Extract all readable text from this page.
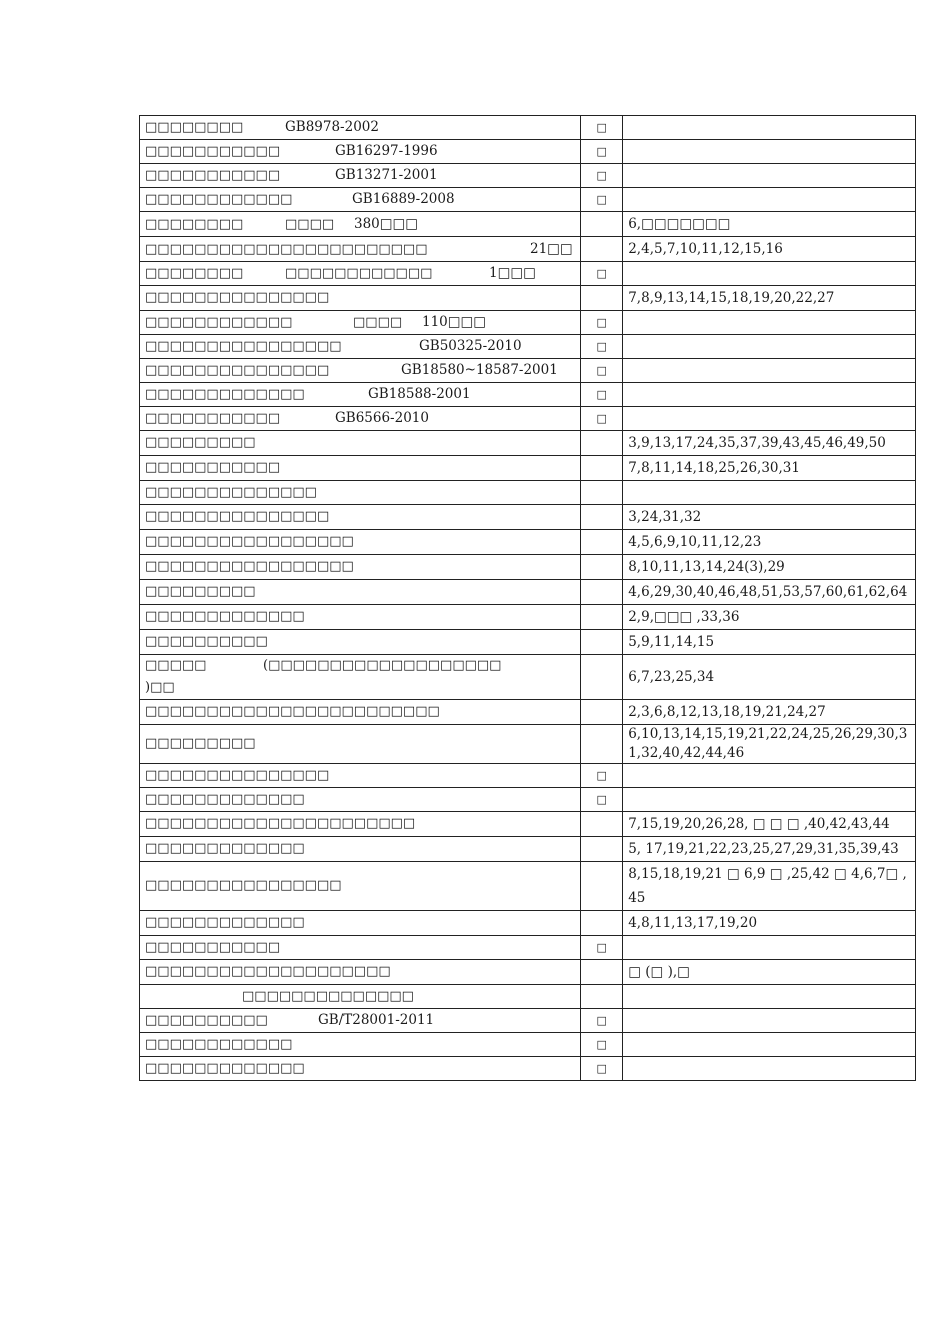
□□□□□□□□ GB8978-2002	□	

□□□□□□□□□□□ GB16297-1996	□	

□□□□□□□□□□□ GB13271-2001	□	

□□□□□□□□□□□□ GB16889-2008	□	

□□□□□□□□ □□□□ 380□□□		6,□□□□□□□

□□□□□□□□□□□□□□□□□□□□□□□ 21□□		2,4,5,7,10,11,12,15,16

□□□□□□□□ □□□□□□□□□□□□ 1□□□	□	

□□□□□□□□□□□□□□□		7,8,9,13,14,15,18,19,20,22,27

□□□□□□□□□□□□ □□□□ 110□□□	□	

□□□□□□□□□□□□□□□□ GB50325-2010	□	

□□□□□□□□□□□□□□□ GB18580~18587-2001	□	

□□□□□□□□□□□□□ GB18588-2001	□	

□□□□□□□□□□□ GB6566-2010	□	

□□□□□□□□□		3,9,13,17,24,35,37,39,43,45,46,49,50

□□□□□□□□□□□		7,8,11,14,18,25,26,30,31

□□□□□□□□□□□□□□		

□□□□□□□□□□□□□□□		3,24,31,32

□□□□□□□□□□□□□□□□□		4,5,6,9,10,11,12,23

□□□□□□□□□□□□□□□□□		8,10,11,13,14,24(3),29

□□□□□□□□□		4,6,29,30,40,46,48,51,53,57,60,61,62,64

□□□□□□□□□□□□□		2,9,□□□ ,33,36

□□□□□□□□□□		5,9,11,14,15

□□□□□ (□□□□□□□□□□□□□□□□□□□)□□		6,7,23,25,34

□□□□□□□□□□□□□□□□□□□□□□□□		2,3,6,8,12,13,18,19,21,24,27

□□□□□□□□□		6,10,13,14,15,19,21,22,24,25,26,29,30,31,32,40,42,44,46

□□□□□□□□□□□□□□□	□	

□□□□□□□□□□□□□	□	

□□□□□□□□□□□□□□□□□□□□□□		7,15,19,20,26,28, □ □ □ ,40,42,43,44

□□□□□□□□□□□□□		5, 17,19,21,22,23,25,27,29,31,35,39,43

□□□□□□□□□□□□□□□□		8,15,18,19,21 □ 6,9 □ ,25,42 □ 4,6,7□ ,45

□□□□□□□□□□□□□		4,8,11,13,17,19,20

□□□□□□□□□□□	□	

□□□□□□□□□□□□□□□□□□□□		□ (□ ),□

□□□□□□□□□□□□□□		

□□□□□□□□□□ GB/T28001-2011	□	

□□□□□□□□□□□□	□	

□□□□□□□□□□□□□	□	
